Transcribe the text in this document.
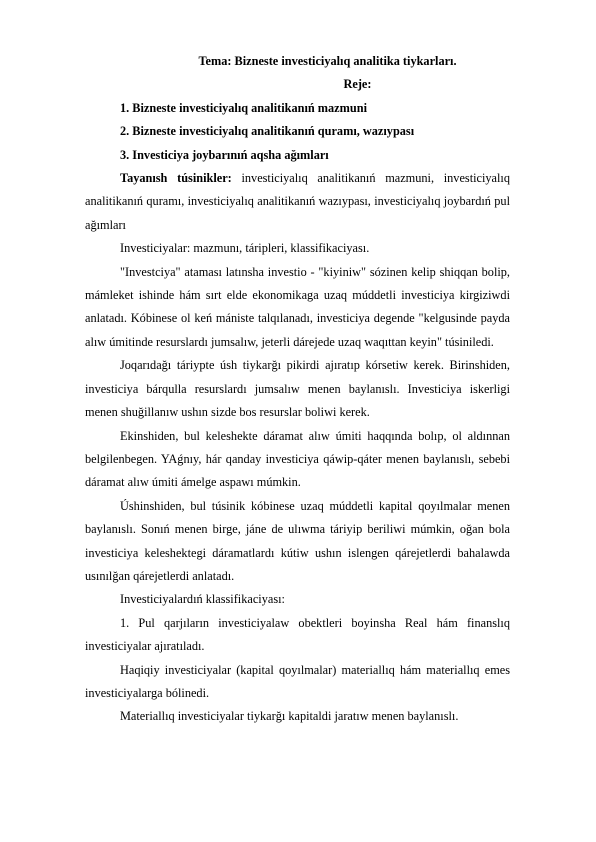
Tema: Bizneste investiciyalıq analitika tiykarları.

Reje:

1. Bizneste investiciyalıq analitikanıń mazmuni

2. Bizneste investiciyalıq analitikanıń quramı, wazıypası

3. Investiciya joybarınıń aqsha ağımları

Tayanısh túsinikler: investiciyalıq analitikanıń mazmuni, investiciyalıq analitikanıń quramı, investiciyalıq analitikanıń wazıypası, investiciyalıq joybardıń pul ağımları

Investiciyalar: mazmunı, táripleri, klassifikaciyası.

"Investciya" ataması latınsha investio - "kiyiniw" sózinen kelip shiqqan bolip, mámleket ishinde hám sırt elde ekonomikaga uzaq múddetli investiciya kirgiziwdi anlatadı. Kóbinese ol keń mániste talqılanadı, investiciya degende "kelgusinde payda alıw úmitinde resurslardı jumsalıw, jeterli dárejede uzaq waqıttan keyin" túsiniledi.

Joqarıdağı táriypte úsh tiykarğı pikirdi ajıratıp kórsetiw kerek. Birinshiden, investiciya bárqulla resurslardı jumsalıw menen baylanıslı. Investiciya iskerligi menen shuğillanıw ushın sizde bos resurslar boliwi kerek.

Ekinshiden, bul keleshekte dáramat alıw úmiti haqqında bolıp, ol aldınnan belgilenbegen. YAǵnıy, hár qanday investiciya qáwip-qáter menen baylanıslı, sebebi dáramat alıw úmiti ámelge aspawı múmkin.

Úshinshiden, bul túsinik kóbinese uzaq múddetli kapital qoyılmalar menen baylanıslı. Sonıń menen birge, jáne de ulıwma táriyip beriliwi múmkin, oğan bola investiciya keleshektegi dáramatlardı kútiw ushın islengen qárejetlerdi bahalawda usınılğan qárejetlerdi anlatadı.

Investiciyalardıń klassifikaciyası:

1. Pul qarjıların investiciyalaw obektleri boyinsha Real hám finanslıq investiciyalar ajıratıladı.

Haqiqiy investiciyalar (kapital qoyılmalar) materiallıq hám materiallıq emes investiciyalarga bólinedi.

Materiallıq investiciyalar tiykarğı kapitaldi jaratıw menen baylanıslı.
